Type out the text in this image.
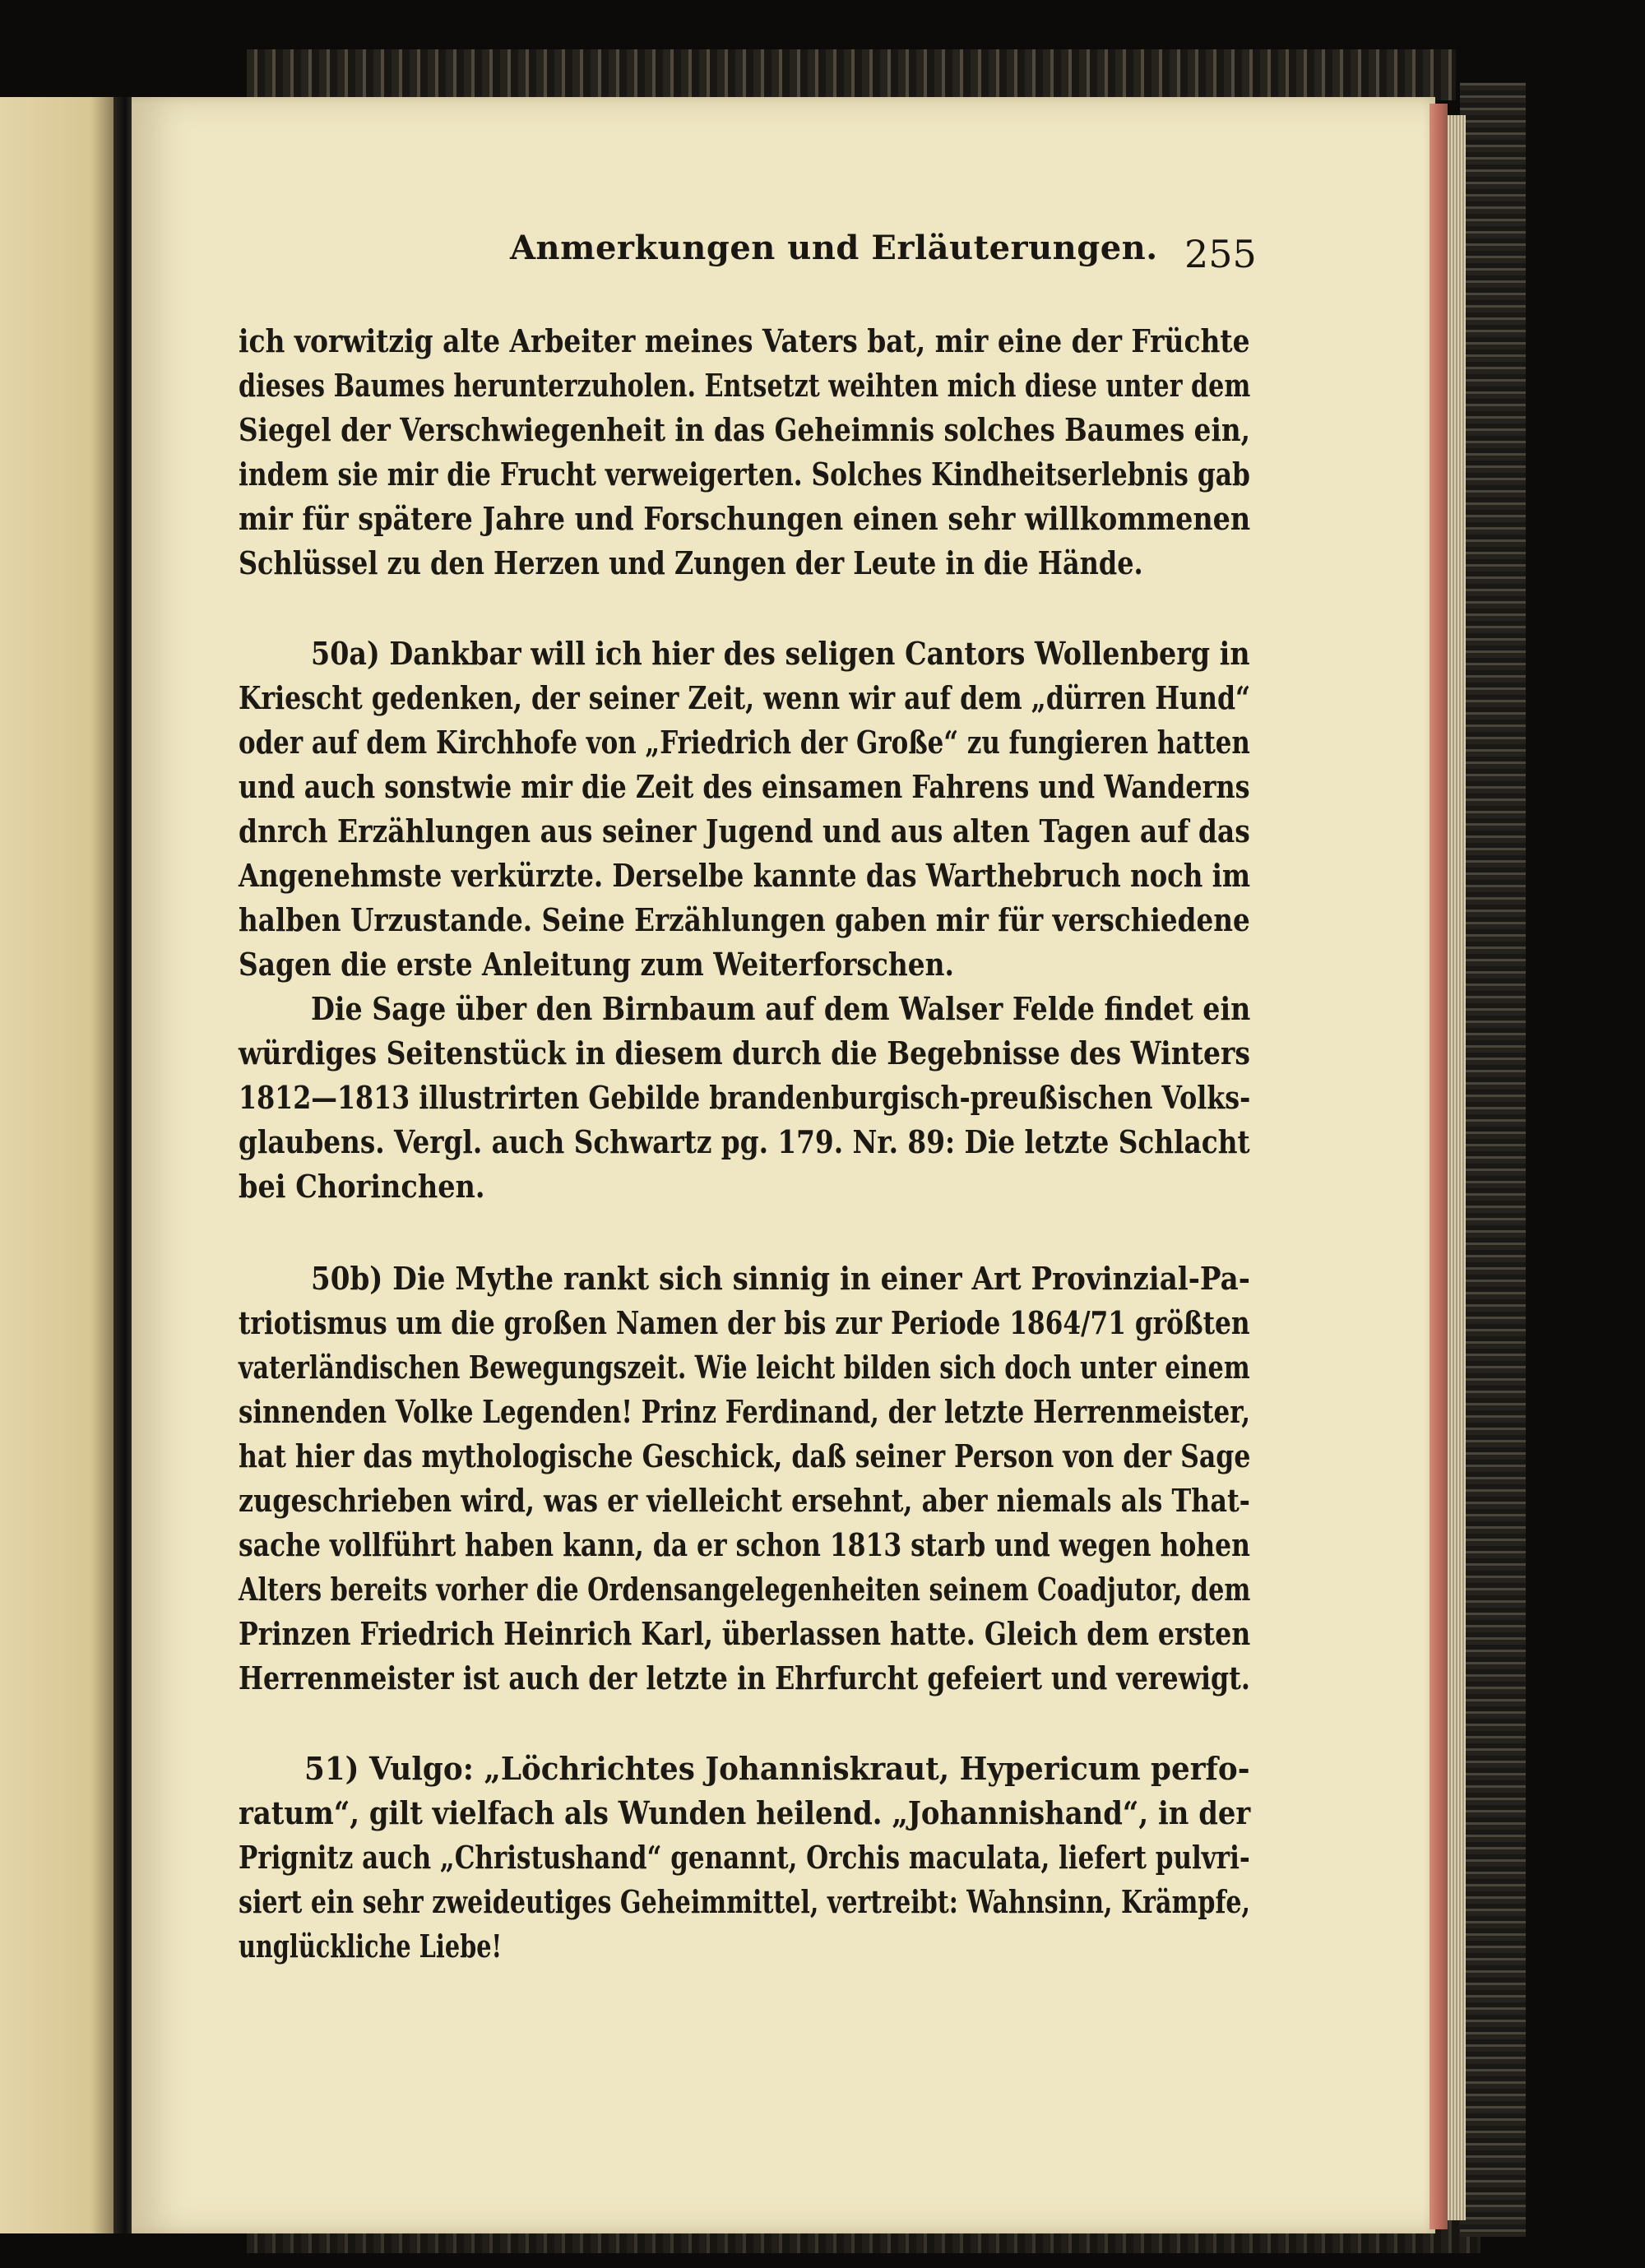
Anmerkungen und Erläuterungen. 255
ich vorwitzig alte Arbeiter meines Vaters bat, mir eine der Früchte
dieses Baumes herunterzuholen. Entsetzt weihten mich diese unter dem
Siegel der Verschwiegenheit in das Geheimnis solches Baumes ein,
indem sie mir die Frucht verweigerten. Solches Kindheitserlebnis gab
mir für spätere Jahre und Forschungen einen sehr willkommenen
Schlüssel zu den Herzen und Zungen der Leute in die Hände.
50a) Dankbar will ich hier des seligen Cantors Wollenberg in
Kriescht gedenken, der seiner Zeit, wenn wir auf dem „dürren Hund“
oder auf dem Kirchhofe von „Friedrich der Große“ zu fungieren hatten
und auch sonstwie mir die Zeit des einsamen Fahrens und Wanderns
dnrch Erzählungen aus seiner Jugend und aus alten Tagen auf das
Angenehmste verkürzte. Derselbe kannte das Warthebruch noch im
halben Urzustande. Seine Erzählungen gaben mir für verschiedene
Sagen die erste Anleitung zum Weiterforschen.
Die Sage über den Birnbaum auf dem Walser Felde findet ein
würdiges Seitenstück in diesem durch die Begebnisse des Winters
1812—1813 illustrirten Gebilde brandenburgisch-preußischen Volks-
glaubens. Vergl. auch Schwartz pg. 179. Nr. 89: Die letzte Schlacht
bei Chorinchen.
50b) Die Mythe rankt sich sinnig in einer Art Provinzial-Pa-
triotismus um die großen Namen der bis zur Periode 1864/71 größten
vaterländischen Bewegungszeit. Wie leicht bilden sich doch unter einem
sinnenden Volke Legenden! Prinz Ferdinand, der letzte Herrenmeister,
hat hier das mythologische Geschick, daß seiner Person von der Sage
zugeschrieben wird, was er vielleicht ersehnt, aber niemals als That-
sache vollführt haben kann, da er schon 1813 starb und wegen hohen
Alters bereits vorher die Ordensangelegenheiten seinem Coadjutor, dem
Prinzen Friedrich Heinrich Karl, überlassen hatte. Gleich dem ersten
Herrenmeister ist auch der letzte in Ehrfurcht gefeiert und verewigt.
51) Vulgo: „Löchrichtes Johanniskraut, Hypericum perfo-
ratum“, gilt vielfach als Wunden heilend. „Johannishand“, in der
Prignitz auch „Christushand“ genannt, Orchis maculata, liefert pulvri-
siert ein sehr zweideutiges Geheimmittel, vertreibt: Wahnsinn, Krämpfe,
unglückliche Liebe!
